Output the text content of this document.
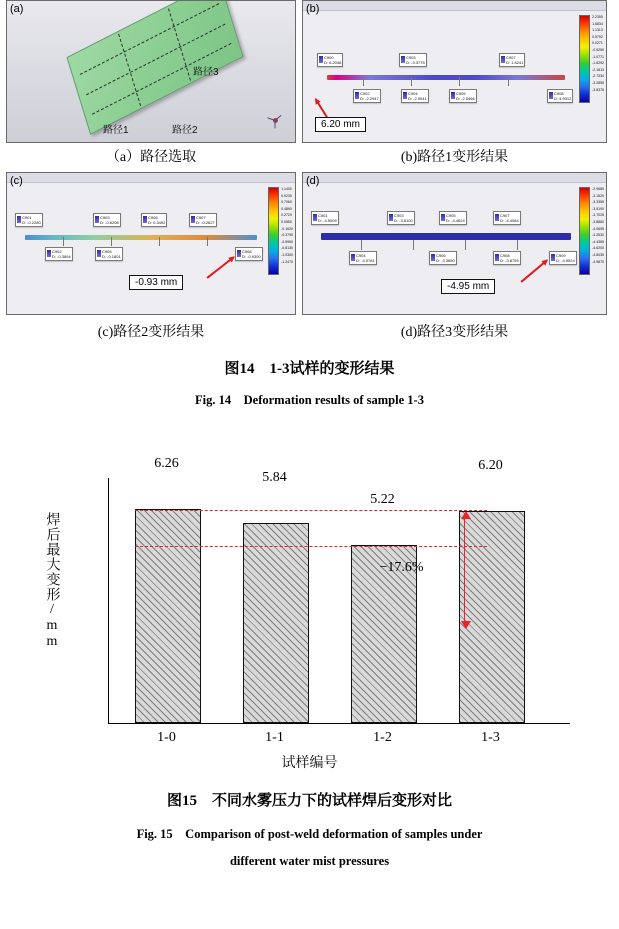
(a)
路径3
路径1	路径2
(b)
C900
D: 6.2048
C902
D: -2.2947
C903
D: -3.3775
C904
D: -2.9041
C905
D: -2.5466
C907
D: 1.5241
C908
D: 4.9312
6.20 mm
2.2355
1.6834
1.1313
0.5792
0.0271
-0.5250
-1.0771
-1.6292
-2.1813
-2.7334
-3.2855
-3.8376
（a）路径选取	(b)路径1变形结果
(c)
C901
D: -0.2280
C902
D: -0.3894
C903
D: -0.6208
C905
D: -0.1801
C906
D: 0.3492
C907
D: -0.2627
C908
D: -0.9300
-0.93 mm
1.1400
0.9230
0.7060
0.4890
0.2720
0.0550
-0.1620
-0.3790
-0.5960
-0.8130
-1.0300
-1.2470
(d)
C901
D: -4.5009
C903
D: -3.8100
C904
D: -4.0781
C905
D: -4.4624
C906
D: -3.3650
C907
D: -4.4084
C908
D: -3.8759
C909
D: -4.9524
-4.95 mm
-2.9685
-3.1520
-3.3355
-3.5190
-3.7025
-3.8860
-4.0695
-4.2530
-4.4365
-4.6200
-4.8035
-4.9870
(c)路径2变形结果	(d)路径3变形结果
图14　1-3试样的变形结果
Fig. 14　Deformation results of sample 1-3
焊后最大变形/mm
6.26
5.84
5.22
6.20
1-0	1-1	1-2	1-3
试样编号
−17.6%
图15　不同水雾压力下的试样焊后变形对比
Fig. 15　Comparison of post-weld deformation of samples under
different water mist pressures
